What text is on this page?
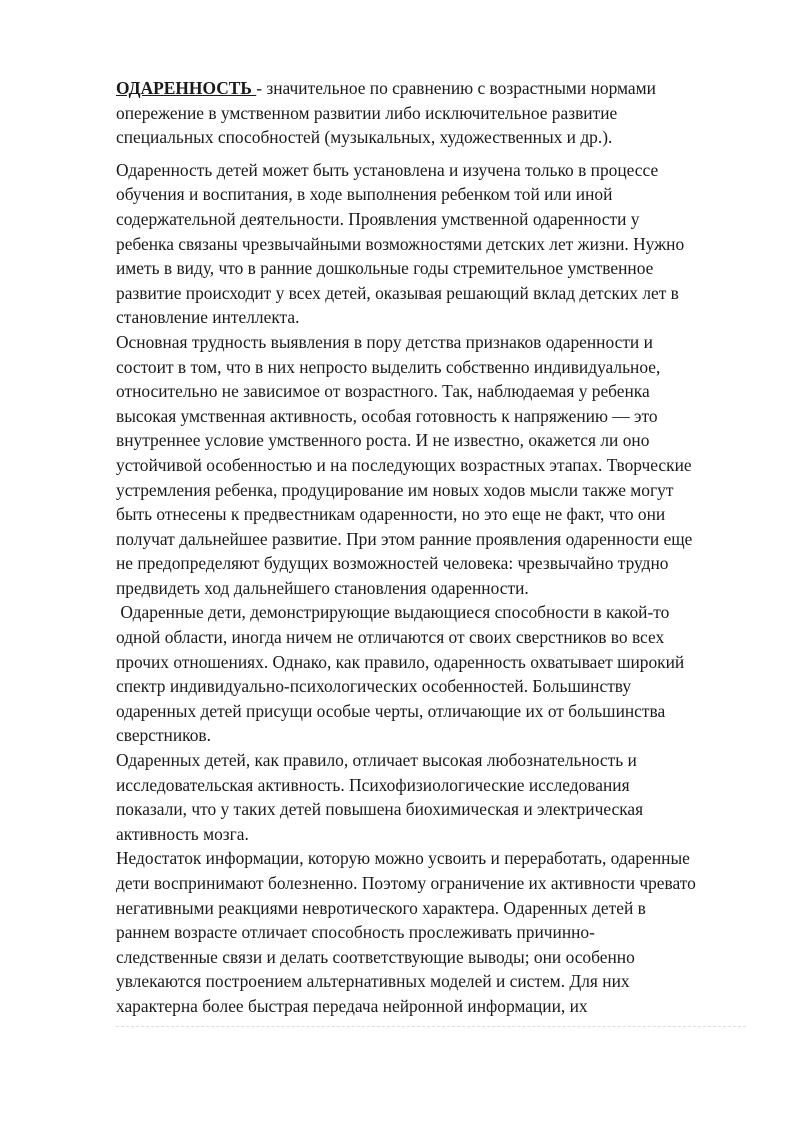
ОДАРЕННОСТЬ - значительное по сравнению с возрастными нормами
опережение в умственном развитии либо исключительное развитие
специальных способностей (музыкальных, художественных и др.).
Одаренность детей может быть установлена и изучена только в процессе
обучения и воспитания, в ходе выполнения ребенком той или иной
содержательной деятельности. Проявления умственной одаренности у
ребенка связаны чрезвычайными возможностями детских лет жизни. Нужно
иметь в виду, что в ранние дошкольные годы стремительное умственное
развитие происходит у всех детей, оказывая решающий вклад детских лет в
становление интеллекта.
Основная трудность выявления в пору детства признаков одаренности и
состоит в том, что в них непросто выделить собственно индивидуальное,
относительно не зависимое от возрастного. Так, наблюдаемая у ребенка
высокая умственная активность, особая готовность к напряжению — это
внутреннее условие умственного роста. И не известно, окажется ли оно
устойчивой особенностью и на последующих возрастных этапах. Творческие
устремления ребенка, продуцирование им новых ходов мысли также могут
быть отнесены к предвестникам одаренности, но это еще не факт, что они
получат дальнейшее развитие. При этом ранние проявления одаренности еще
не предопределяют будущих возможностей человека: чрезвычайно трудно
предвидеть ход дальнейшего становления одаренности.
Одаренные дети, демонстрирующие выдающиеся способности в какой-то
одной области, иногда ничем не отличаются от своих сверстников во всех
прочих отношениях. Однако, как правило, одаренность охватывает широкий
спектр индивидуально-психологических особенностей. Большинству
одаренных детей присущи особые черты, отличающие их от большинства
сверстников.
Одаренных детей, как правило, отличает высокая любознательность и
исследовательская активность. Психофизиологические исследования
показали, что у таких детей повышена биохимическая и электрическая
активность мозга.
Недостаток информации, которую можно усвоить и переработать, одаренные
дети воспринимают болезненно. Поэтому ограничение их активности чревато
негативными реакциями невротического характера. Одаренных детей в
раннем возрасте отличает способность прослеживать причинно-
следственные связи и делать соответствующие выводы; они особенно
увлекаются построением альтернативных моделей и систем. Для них
характерна более быстрая передача нейронной информации, их
